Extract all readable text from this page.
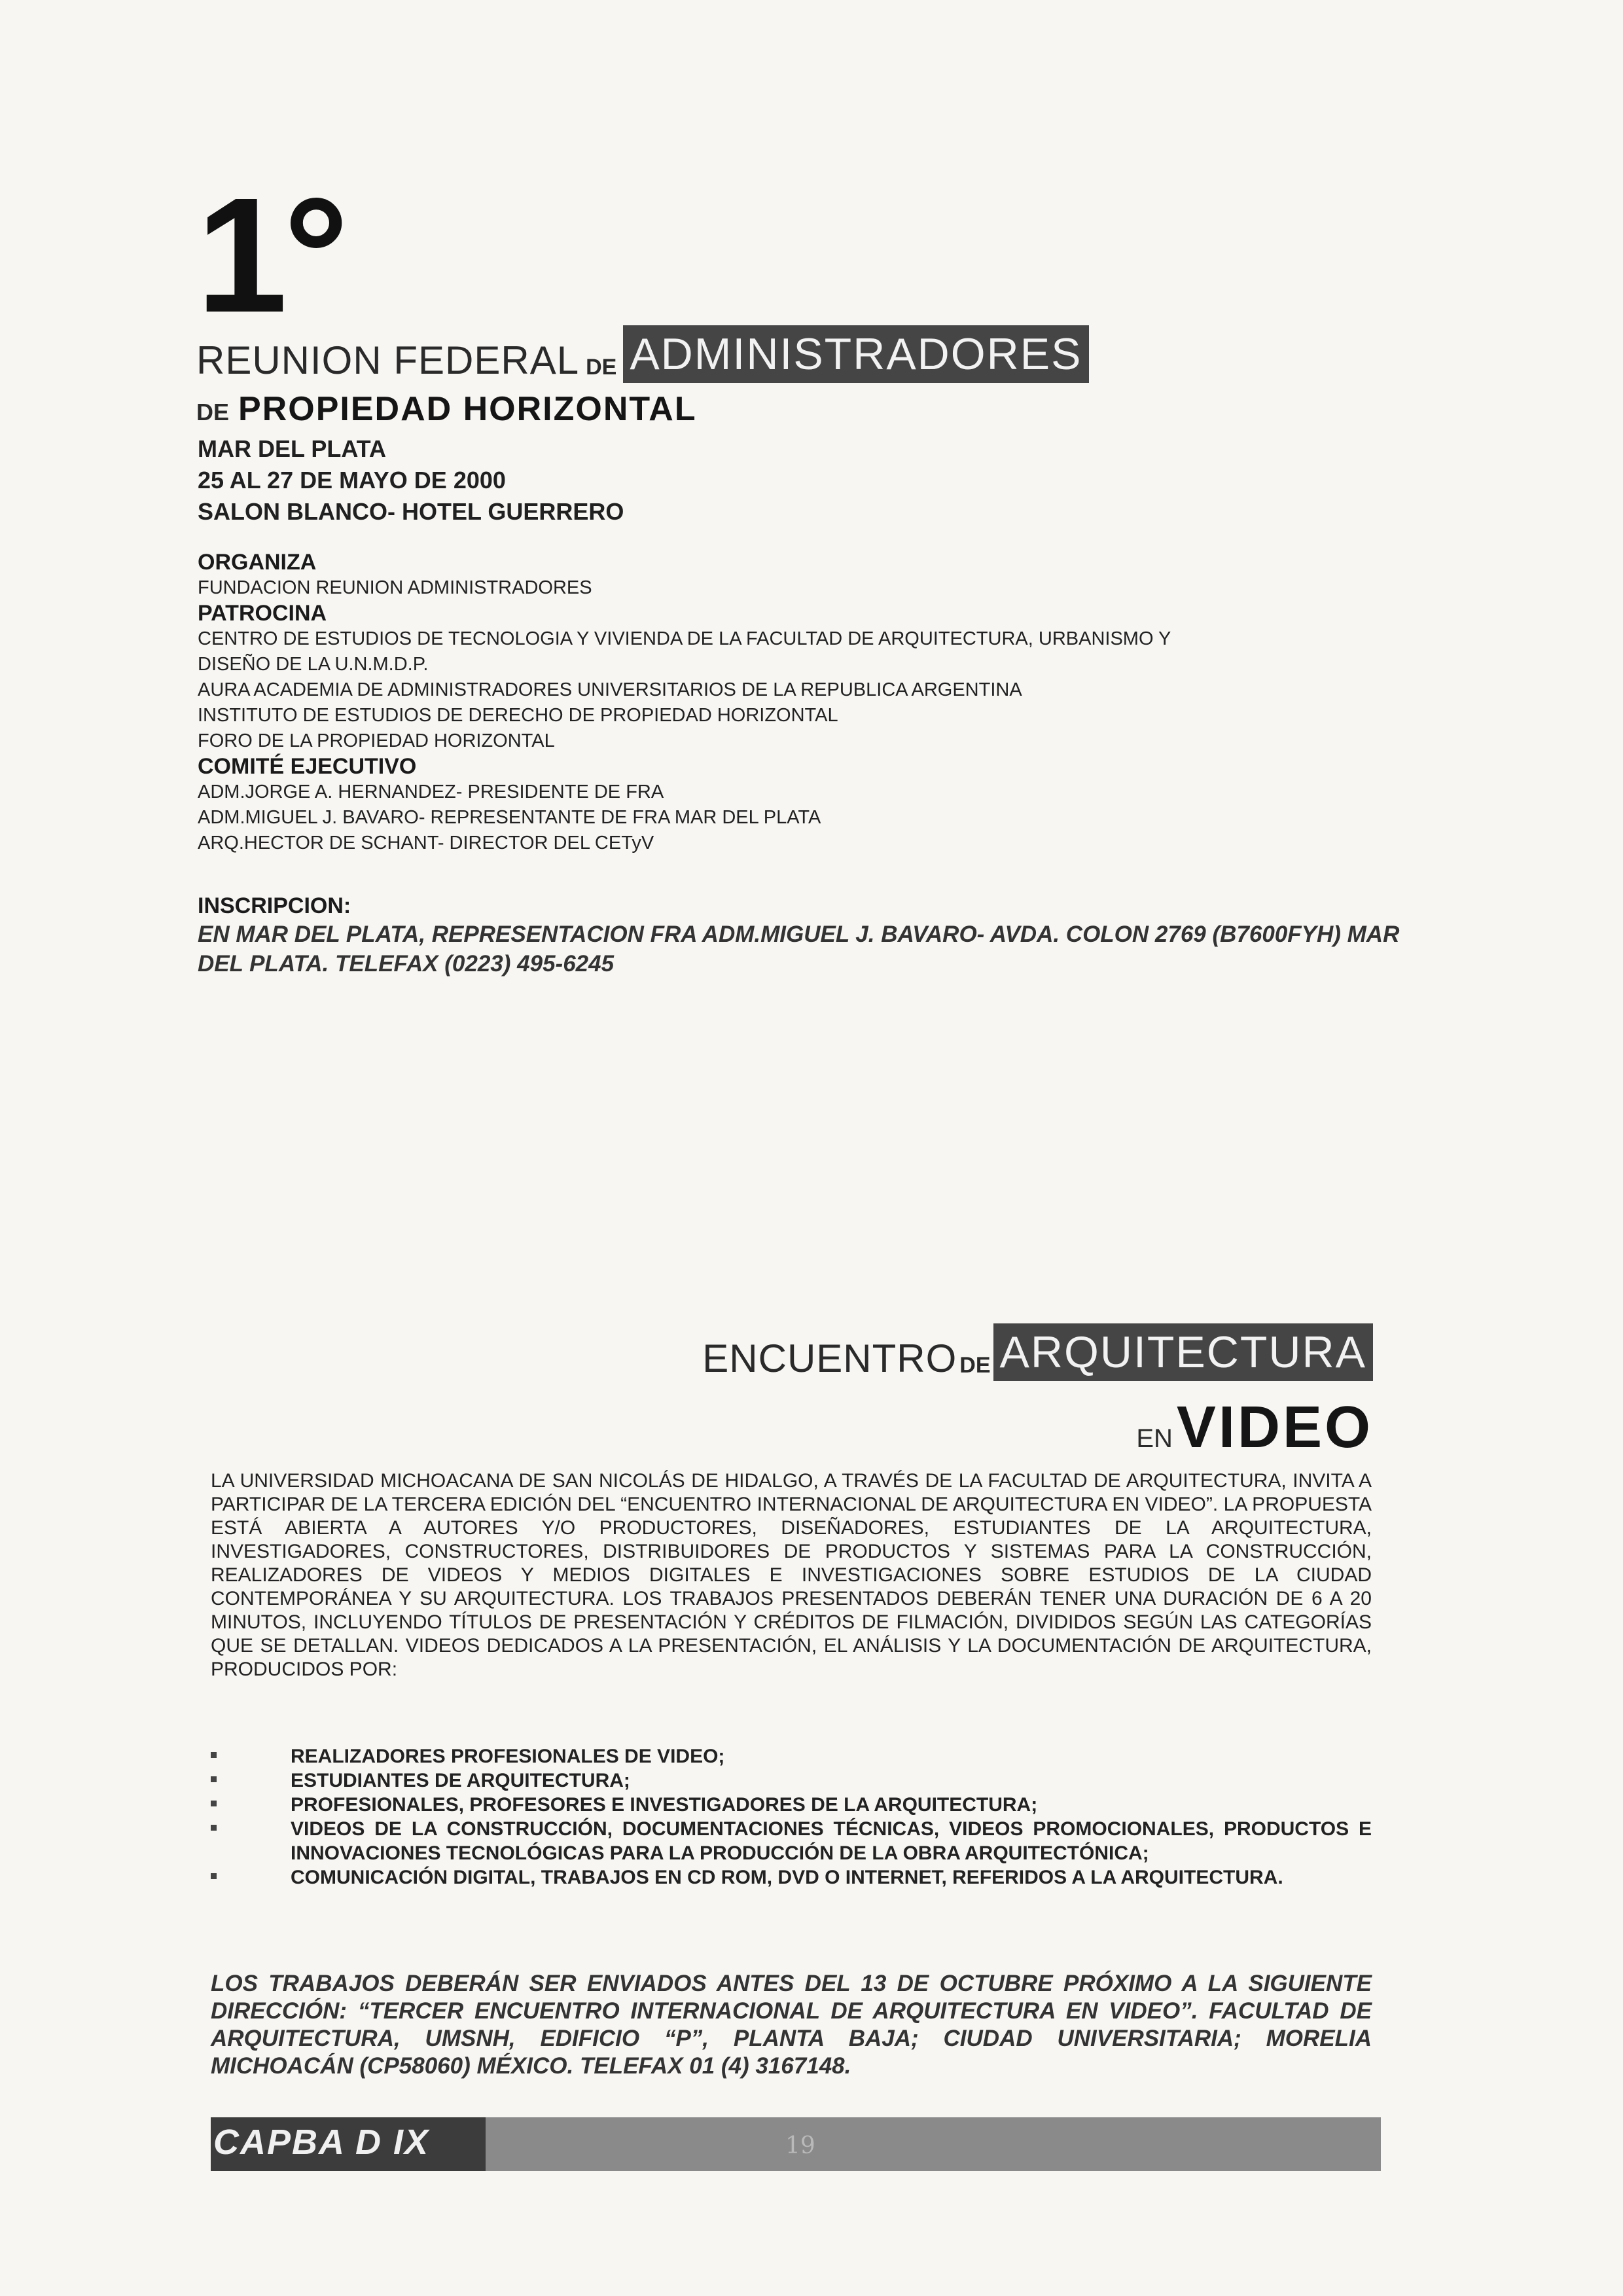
1°
REUNION FEDERAL DE ADMINISTRADORES
DE PROPIEDAD HORIZONTAL
MAR DEL PLATA
25 AL 27 DE MAYO DE 2000
SALON BLANCO- HOTEL GUERRERO
ORGANIZA
FUNDACION REUNION ADMINISTRADORES
PATROCINA
CENTRO DE ESTUDIOS DE TECNOLOGIA Y VIVIENDA DE LA FACULTAD DE ARQUITECTURA, URBANISMO Y
DISEÑO DE LA U.N.M.D.P.
AURA ACADEMIA DE ADMINISTRADORES UNIVERSITARIOS DE LA REPUBLICA ARGENTINA
INSTITUTO DE ESTUDIOS DE DERECHO DE PROPIEDAD HORIZONTAL
FORO DE LA PROPIEDAD HORIZONTAL
COMITÉ EJECUTIVO
ADM.JORGE A. HERNANDEZ- PRESIDENTE DE FRA
ADM.MIGUEL J. BAVARO- REPRESENTANTE DE FRA MAR DEL PLATA
ARQ.HECTOR DE SCHANT- DIRECTOR DEL CETyV
INSCRIPCION:
EN MAR DEL PLATA, REPRESENTACION FRA ADM.MIGUEL J. BAVARO- AVDA. COLON 2769 (B7600FYH) MAR DEL PLATA. TELEFAX (0223) 495-6245
ENCUENTRO DE ARQUITECTURA
EN VIDEO
LA UNIVERSIDAD MICHOACANA DE SAN NICOLÁS DE HIDALGO, A TRAVÉS DE LA FACULTAD DE ARQUITECTURA, INVITA A PARTICIPAR DE LA TERCERA EDICIÓN DEL “ENCUENTRO INTERNACIONAL DE ARQUITECTURA EN VIDEO”. LA PROPUESTA ESTÁ ABIERTA A AUTORES Y/O PRODUCTORES, DISEÑADORES, ESTUDIANTES DE LA ARQUITECTURA, INVESTIGADORES, CONSTRUCTORES, DISTRIBUIDORES DE PRODUCTOS Y SISTEMAS PARA LA CONSTRUCCIÓN, REALIZADORES DE VIDEOS Y MEDIOS DIGITALES E INVESTIGACIONES SOBRE ESTUDIOS DE LA CIUDAD CONTEMPORÁNEA Y SU ARQUITECTURA. LOS TRABAJOS PRESENTADOS DEBERÁN TENER UNA DURACIÓN DE 6 A 20 MINUTOS, INCLUYENDO TÍTULOS DE PRESENTACIÓN Y CRÉDITOS DE FILMACIÓN, DIVIDIDOS SEGÚN LAS CATEGORÍAS QUE SE DETALLAN. VIDEOS DEDICADOS A LA PRESENTACIÓN, EL ANÁLISIS Y LA DOCUMENTACIÓN DE ARQUITECTURA, PRODUCIDOS POR:
REALIZADORES PROFESIONALES DE VIDEO;
ESTUDIANTES DE ARQUITECTURA;
PROFESIONALES, PROFESORES E INVESTIGADORES DE LA ARQUITECTURA;
VIDEOS DE LA CONSTRUCCIÓN, DOCUMENTACIONES TÉCNICAS, VIDEOS PROMOCIONALES, PRODUCTOS E INNOVACIONES TECNOLÓGICAS PARA LA PRODUCCIÓN DE LA OBRA ARQUITECTÓNICA;
COMUNICACIÓN DIGITAL, TRABAJOS EN CD ROM, DVD O INTERNET, REFERIDOS A LA ARQUITECTURA.
LOS TRABAJOS DEBERÁN SER ENVIADOS ANTES DEL 13 DE OCTUBRE PRÓXIMO A LA SIGUIENTE DIRECCIÓN: “TERCER ENCUENTRO INTERNACIONAL DE ARQUITECTURA EN VIDEO”. FACULTAD DE ARQUITECTURA, UMSNH, EDIFICIO “P”, PLANTA BAJA; CIUDAD UNIVERSITARIA; MORELIA MICHOACÁN (CP58060) MÉXICO. TELEFAX 01 (4) 3167148.
CAPBA D IX	19
